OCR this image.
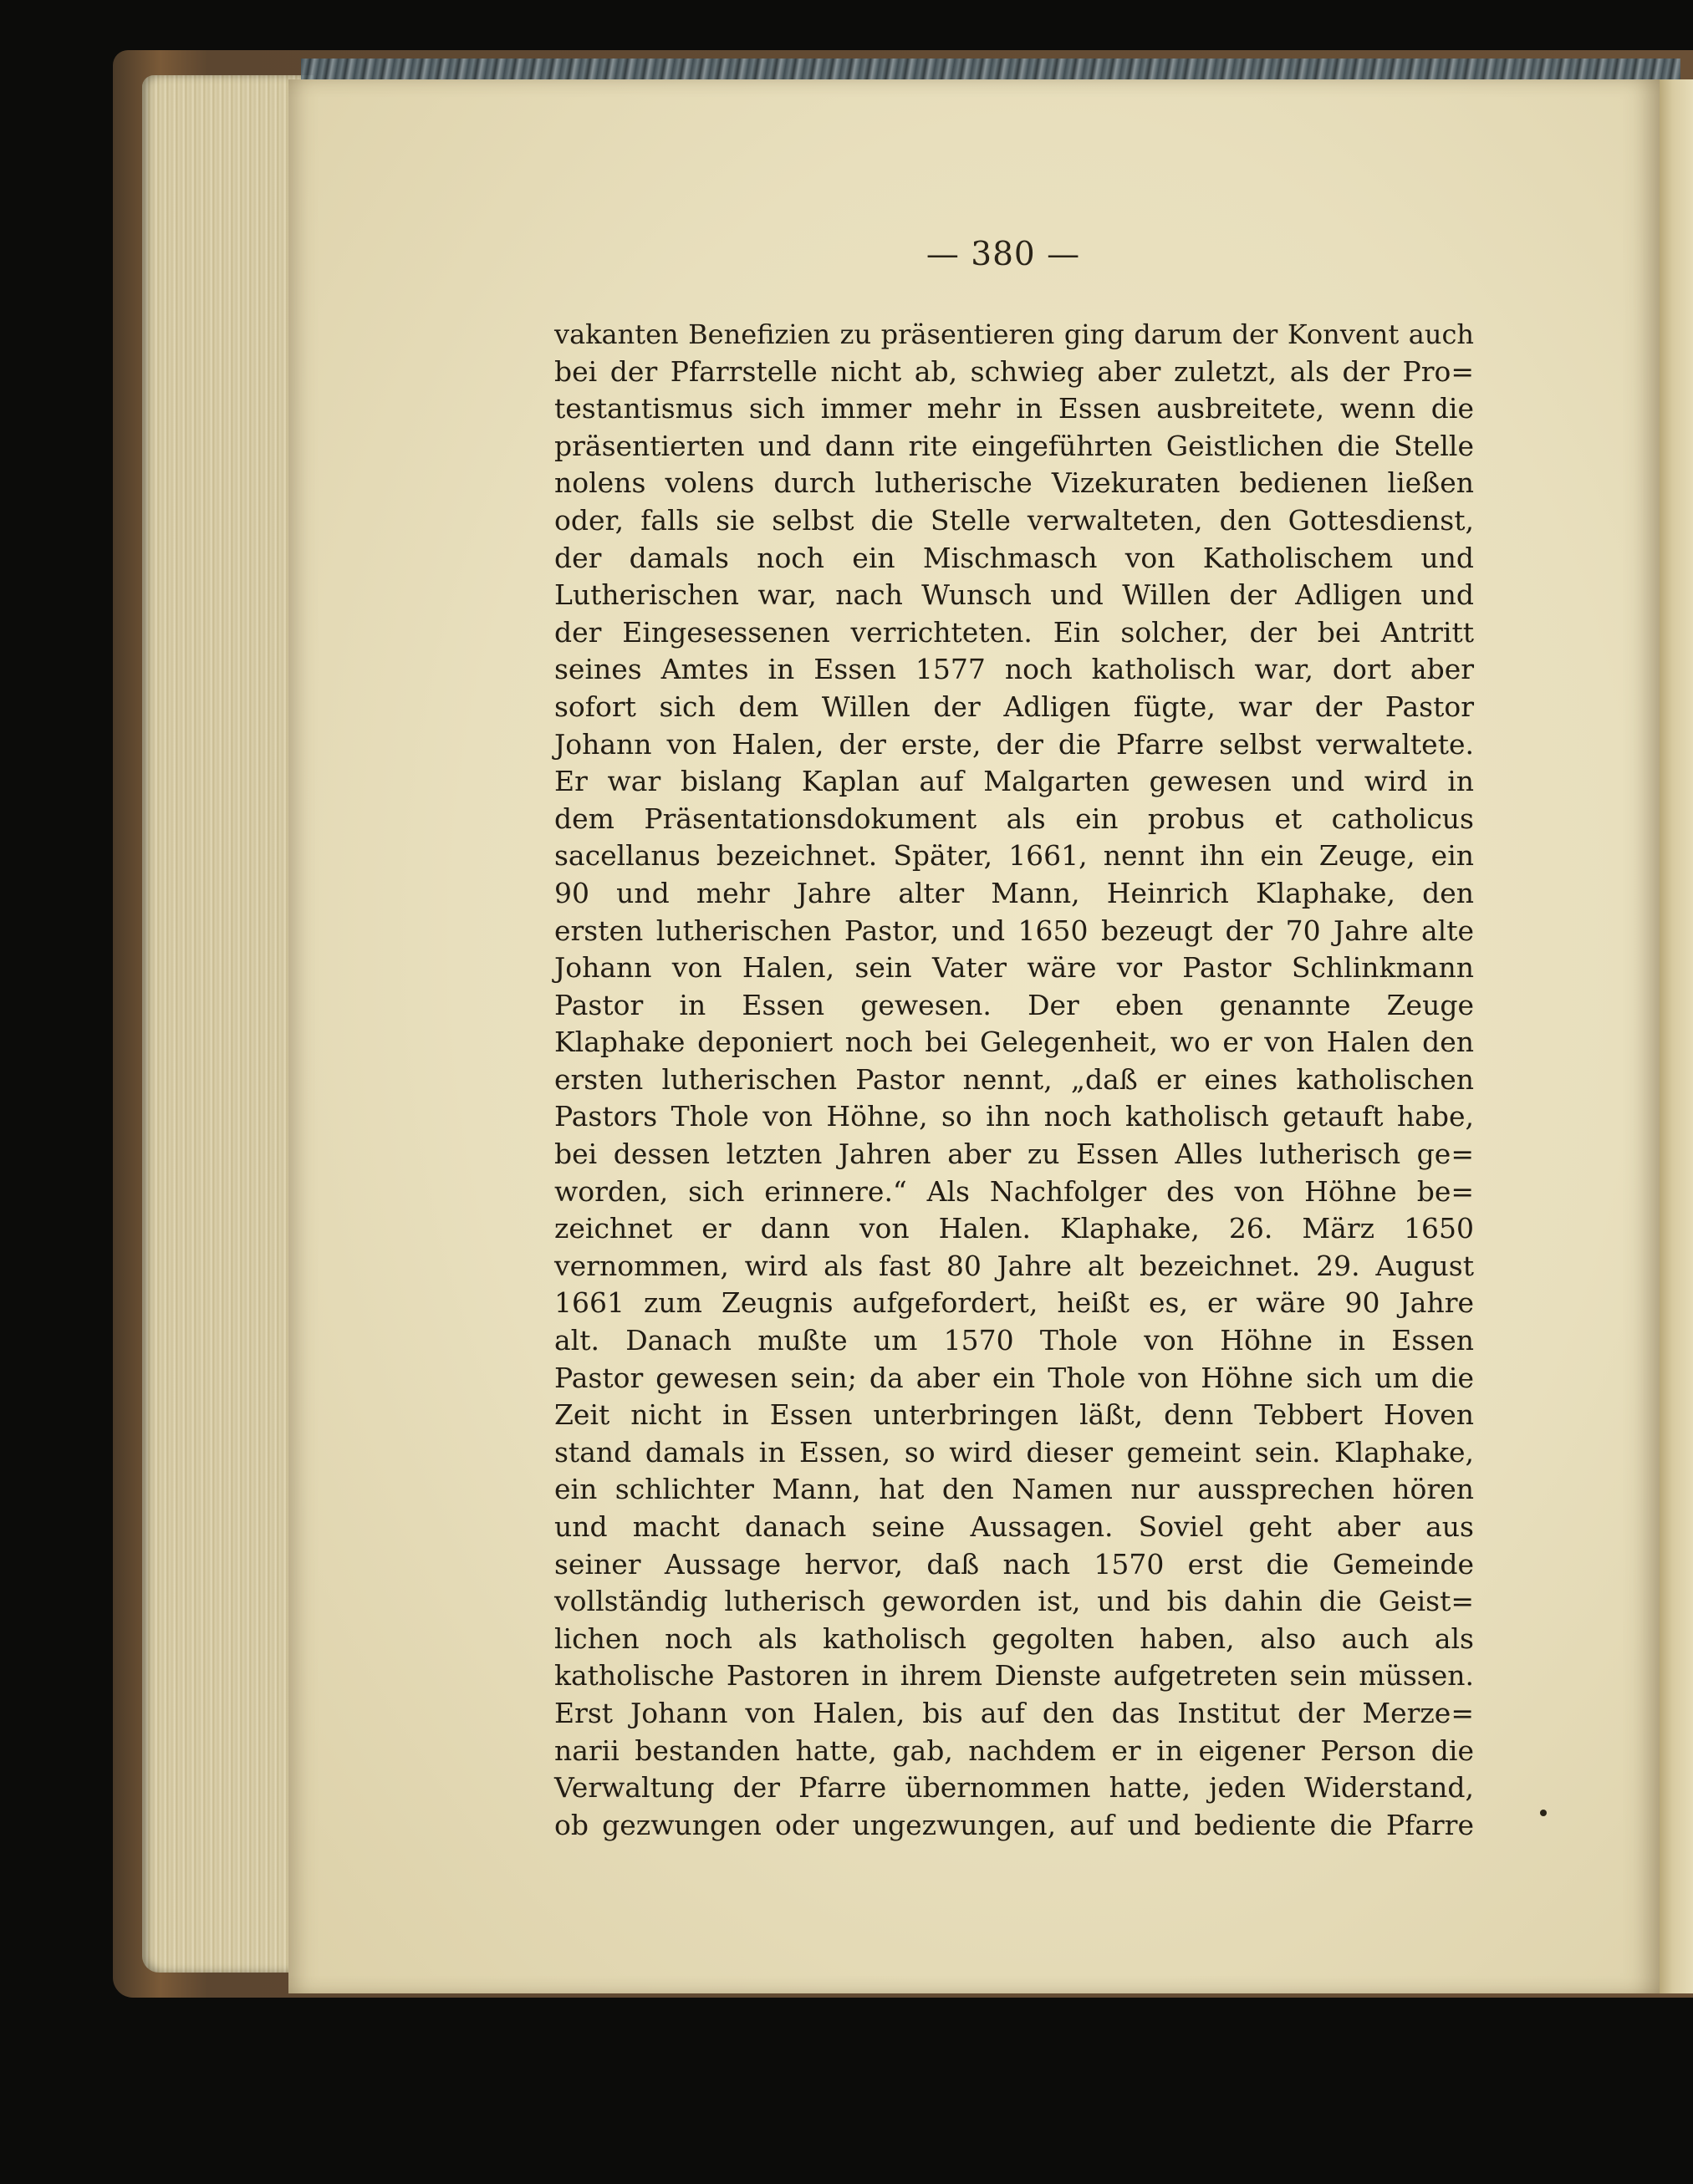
— 380 —
vakanten Benefizien zu präsentieren ging darum der Konvent auch
bei der Pfarrstelle nicht ab, schwieg aber zuletzt, als der Pro=
testantismus sich immer mehr in Essen ausbreitete, wenn die
präsentierten und dann rite eingeführten Geistlichen die Stelle
nolens volens durch lutherische Vizekuraten bedienen ließen
oder, falls sie selbst die Stelle verwalteten, den Gottesdienst,
der damals noch ein Mischmasch von Katholischem und
Lutherischen war, nach Wunsch und Willen der Adligen und
der Eingesessenen verrichteten. Ein solcher, der bei Antritt
seines Amtes in Essen 1577 noch katholisch war, dort aber
sofort sich dem Willen der Adligen fügte, war der Pastor
Johann von Halen, der erste, der die Pfarre selbst verwaltete.
Er war bislang Kaplan auf Malgarten gewesen und wird in
dem Präsentationsdokument als ein probus et catholicus
sacellanus bezeichnet. Später, 1661, nennt ihn ein Zeuge, ein
90 und mehr Jahre alter Mann, Heinrich Klaphake, den
ersten lutherischen Pastor, und 1650 bezeugt der 70 Jahre alte
Johann von Halen, sein Vater wäre vor Pastor Schlinkmann
Pastor in Essen gewesen. Der eben genannte Zeuge
Klaphake deponiert noch bei Gelegenheit, wo er von Halen den
ersten lutherischen Pastor nennt, „daß er eines katholischen
Pastors Thole von Höhne, so ihn noch katholisch getauft habe,
bei dessen letzten Jahren aber zu Essen Alles lutherisch ge=
worden, sich erinnere.“ Als Nachfolger des von Höhne be=
zeichnet er dann von Halen. Klaphake, 26. März 1650
vernommen, wird als fast 80 Jahre alt bezeichnet. 29. August
1661 zum Zeugnis aufgefordert, heißt es, er wäre 90 Jahre
alt. Danach mußte um 1570 Thole von Höhne in Essen
Pastor gewesen sein; da aber ein Thole von Höhne sich um die
Zeit nicht in Essen unterbringen läßt, denn Tebbert Hoven
stand damals in Essen, so wird dieser gemeint sein. Klaphake,
ein schlichter Mann, hat den Namen nur aussprechen hören
und macht danach seine Aussagen. Soviel geht aber aus
seiner Aussage hervor, daß nach 1570 erst die Gemeinde
vollständig lutherisch geworden ist, und bis dahin die Geist=
lichen noch als katholisch gegolten haben, also auch als
katholische Pastoren in ihrem Dienste aufgetreten sein müssen.
Erst Johann von Halen, bis auf den das Institut der Merze=
narii bestanden hatte, gab, nachdem er in eigener Person die
Verwaltung der Pfarre übernommen hatte, jeden Widerstand,
ob gezwungen oder ungezwungen, auf und bediente die Pfarre
